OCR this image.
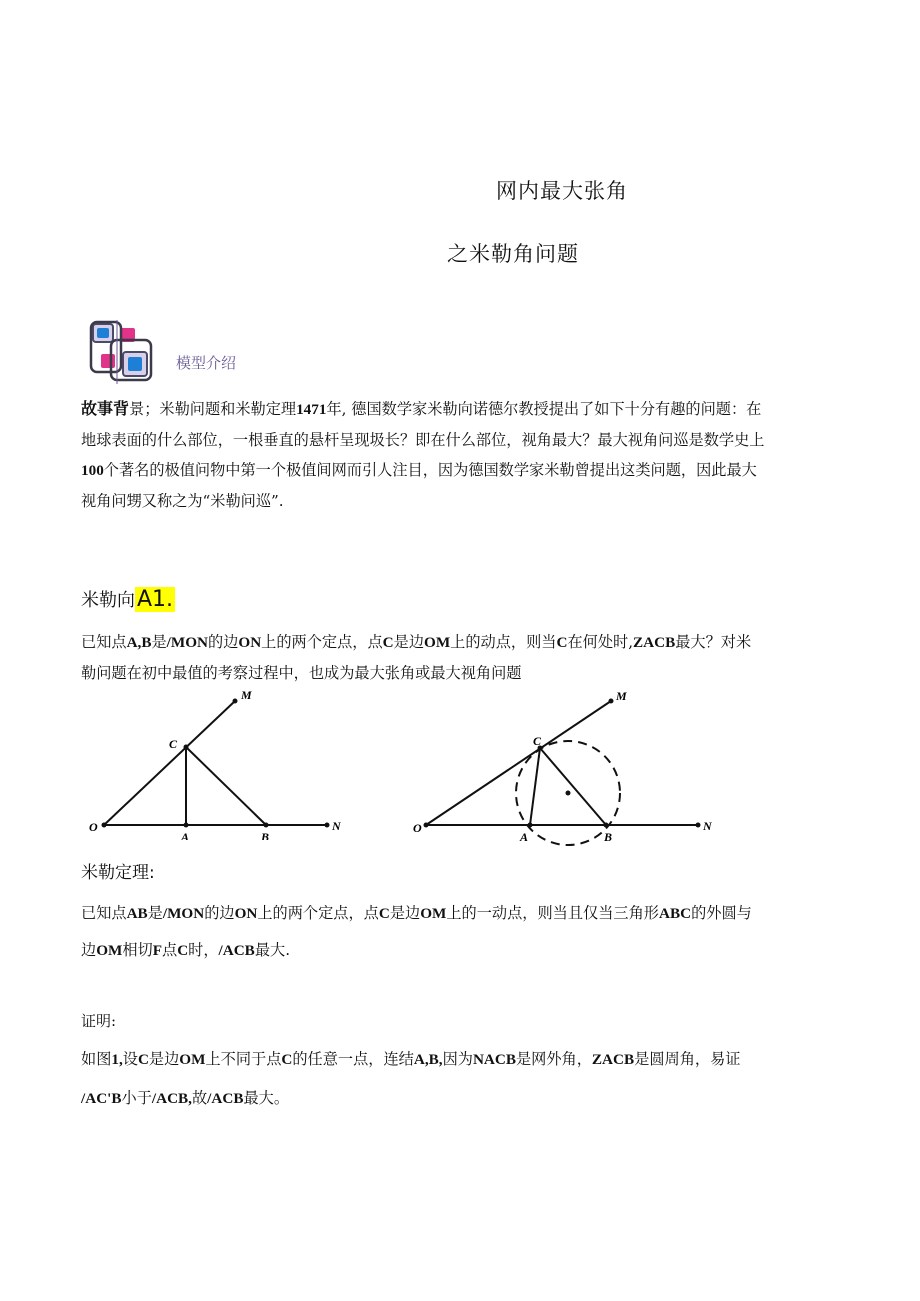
网内最大张角
之米勒角问题
模型介绍
故事背景；米勒问题和米勒定理1471年, 德国数学家米勒向诺德尔教授提出了如下十分有趣的问题：在
地球表面的什么部位，一根垂直的悬杆呈现圾长？即在什么部位，视角最大？最大视角问巡是数学史上
100个著名的极值问物中第一个极值间网而引人注目，因为德国数学家米勒曾提出这类问题，因此最大
视角问甥又称之为“米勒问巡”.
米勒向A1.
已知点A,B是/MON的边ON上的两个定点，点C是边OM上的动点，则当C在何处时,ZACB最大？对米
勒问题在初中最值的考察过程中，也成为最大张角或最大视角问题
M
C
O
A	B
N
M
C
O
A	B
N
米勒定理:
已知点AB是/MON的边ON上的两个定点，点C是边OM上的一动点，则当且仅当三角形ABC的外圆与
边OM相切F点C时，/ACB最大.
证明:
如图1,设C是边OM上不同于点C的任意一点，连结A,B,因为NACB是网外角，ZACB是圆周角，易证
/AC'B小于/ACB,故/ACB最大。
